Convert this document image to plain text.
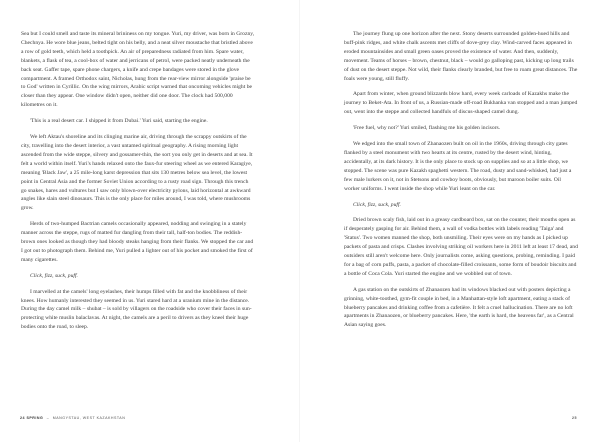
Sea but I could smell and taste its mineral brininess on my tongue. Yuri, my driver, was born in Grozny, Chechnya. He wore blue jeans, belted tight on his belly, and a neat silver moustache that bristled above a row of gold teeth, which held a toothpick. An air of preparedness radiated from him. Spare water, blankets, a flask of tea, a cool-box of water and jerricans of petrol, were packed neatly underneath the back seat. Gaffer tape, spare phone chargers, a knife and crepe bandages were stored in the glove compartment. A framed Orthodox saint, Nicholas, hung from the rear-view mirror alongside 'praise be to God' written in Cyrillic. On the wing mirrors, Arabic script warned that oncoming vehicles might be closer than they appear. One window didn't open, neither did one door. The clock had 500,000 kilometres on it.

'This is a real desert car. I shipped it from Dubai.' Yuri said, starting the engine.

We left Aktau's shoreline and its clinging marine air, driving through the scrappy outskirts of the city, travelling into the desert interior, a vast untamed spiritual geography. A rising morning light ascended from the wide steppe, silvery and gossamer-thin, the sort you only get in deserts and at sea. It felt a world within itself. Yuri's hands relaxed onto the faux-fur steering wheel as we entered Karagiye, meaning 'Black Jaw', a 25 mile-long karst depression that sits 130 metres below sea level, the lowest point in Central Asia and the former Soviet Union according to a rusty road sign. Through this trench go snakes, hares and vultures but I saw only blown-over electricity pylons, laid horizontal at awkward angles like slain steel dinosaurs. This is the only place for miles around, I was told, where mushrooms grow.

Herds of two-humped Bactrian camels occasionally appeared, nodding and swinging in a stately manner across the steppe, rugs of matted fur dangling from their tall, half-ton bodies. The reddish-brown ones looked as though they had bloody steaks hanging from their flanks. We stopped the car and I got out to photograph them. Behind me, Yuri pulled a lighter out of his pocket and smoked the first of many cigarettes.

Click, fizz, suck, puff.

I marvelled at the camels' long eyelashes, their humps filled with fat and the knobbliness of their knees. How humanly interested they seemed in us. Yuri stared hard at a uranium mine in the distance. During the day camel milk – shubat – is sold by villagers on the roadside who cover their faces in sun-protecting white muslin balaclavas. At night, the camels are a peril to drivers as they kneel their huge bodies onto the road, to sleep.

24 SPRING – MANGYSTAU, WEST KAZAKHSTAN

The journey flung up one horizon after the next. Stony deserts surrounded golden-hued hills and buff-pink ridges, and white chalk ascents met cliffs of dove-grey clay. Wind-carved faces appeared in eroded mountainsides and small green oases proved the existence of water. And then, suddenly, movement. Teams of horses – brown, chestnut, black – would go galloping past, kicking up long trails of dust on the desert steppe. Not wild, their flanks clearly branded, but free to roam great distances. The foals were young, still fluffy.

Apart from winter, when ground blizzards blow hard, every week carloads of Kazakhs make the journey to Beket-Ata. In front of us, a Russian-made off-road Bukhanka van stopped and a man jumped out, went into the steppe and collected handfuls of discus-shaped camel dung.

'Free fuel, why not?' Yuri smiled, flashing me his golden incisors.

We edged into the small town of Zhanaozen built on oil in the 1960s, driving through city gates flanked by a steel monument with two hearts at its centre, rusted by the desert wind, hinting, accidentally, at its dark history. It is the only place to stock up on supplies and so at a little shop, we stopped. The scene was pure Kazakh spaghetti western. The road, dusty and sand-whisked, had just a few male lurkers on it, not in Stetsons and cowboy boots, obviously, but maroon boiler suits. Oil worker uniforms. I went inside the shop while Yuri leant on the car.

Click, fizz, suck, puff.

Dried brown scaly fish, laid out in a greasy cardboard box, sat on the counter, their mouths open as if desperately gasping for air. Behind them, a wall of vodka bottles with labels reading 'Taiga' and 'Status'. Two women manned the shop, both unsmiling. Their eyes were on my hands as I picked up packets of pasta and crisps. Clashes involving striking oil workers here in 2011 left at least 17 dead, and outsiders still aren't welcome here. Only journalists come, asking questions, probing, reminding. I paid for a bag of corn puffs, pasta, a packet of chocolate-filled croissants, some form of boudoir biscuits and a bottle of Coca Cola. Yuri started the engine and we wobbled out of town.

A gas station on the outskirts of Zhanaozen had its windows blacked out with posters depicting a grinning, white-toothed, gym-fit couple in bed, in a Manhattan-style loft apartment, eating a stack of blueberry pancakes and drinking coffee from a cafetière. It felt a cruel hallucination. There are no loft apartments in Zhanaozen, or blueberry pancakes. Here, 'the earth is hard, the heavens far', as a Central Asian saying goes.

25
